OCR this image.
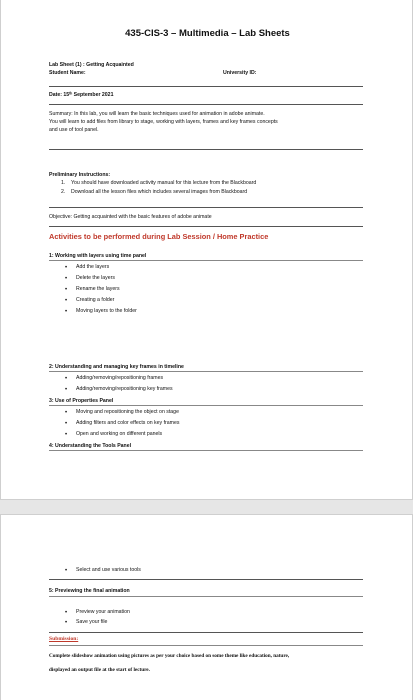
435-CIS-3 – Multimedia – Lab Sheets
Lab Sheet (1) : Getting Acquainted
Student Name:	University ID:
Date: 15ᵗʰ September 2021
Summary: In this lab, you will learn the basic techniques used for animation in adobe animate.
You will learn to add files from library to stage, working with layers, frames and key frames concepts
and use of tool panel.
Preliminary Instructions:
1. You should have downloaded activity manual for this lecture from the Blackboard
2. Download all the lesson files which includes several images from Blackboard
Objective: Getting acquainted with the basic features of adobe animate
Activities to be performed during Lab Session / Home Practice
1: Working with layers using time panel
• Add the layers
• Delete the layers
• Rename the layers
• Creating a folder
• Moving layers to the folder
2: Understanding and managing key frames in timeline
• Adding/removing/repositioning frames
• Adding/removing/repositioning key frames
3: Use of Properties Panel
• Moving and repositioning the object on stage
• Adding filters and color effects on key frames
• Open and working on different panels
4: Understanding the Tools Panel
• Select and use various tools
5: Previewing the final animation
• Preview your animation
• Save your file
Submission:
Complete slideshow animation using pictures as per your choice based on some theme like education, nature,
displayed an output file at the start of lecture.
